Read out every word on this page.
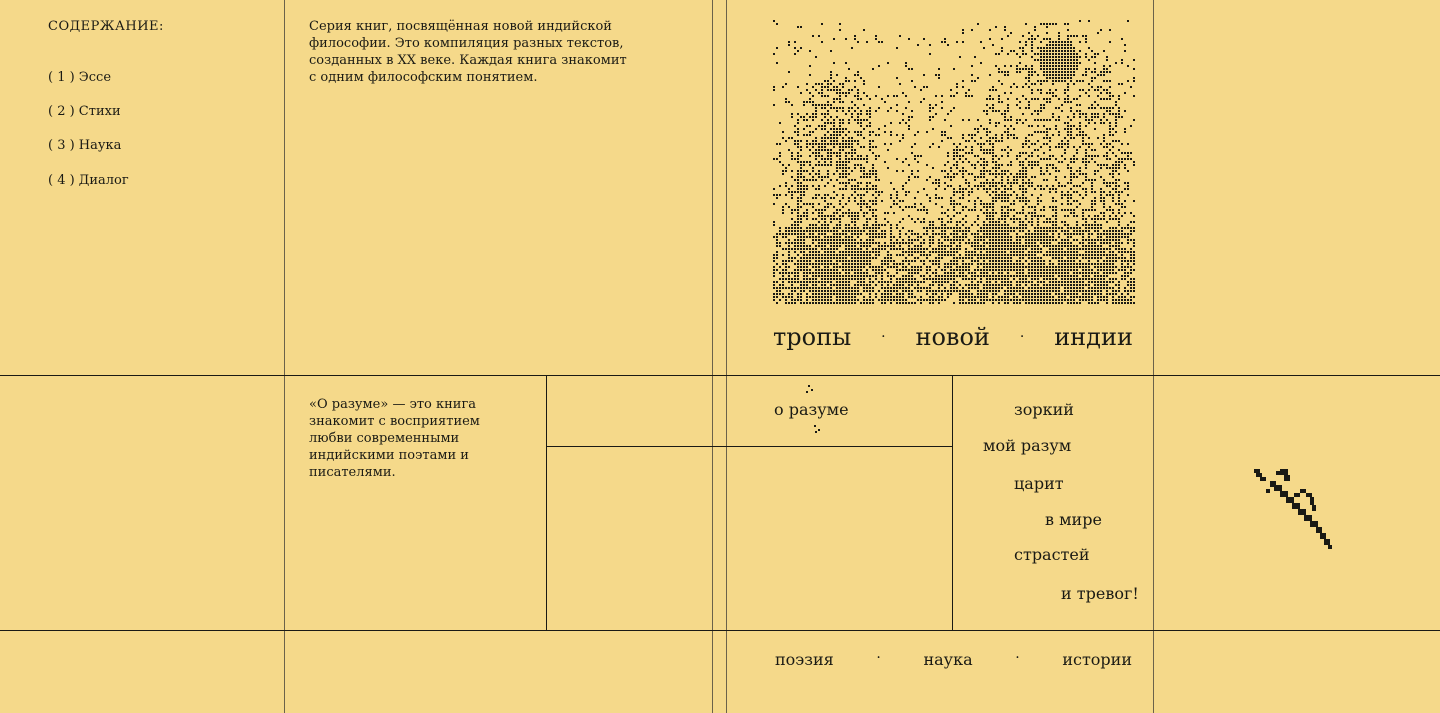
СОДЕРЖАНИЕ:
( 1 ) Эссе
( 2 ) Стихи
( 3 ) Наука
( 4 ) Диалог
Серия книг, посвящённая новой индийской философии. Это компиляция разных текстов, созданных в XX веке. Каждая книга знакомит с одним философским понятием.
«О разуме» — это книга знакомит с восприятием любви современными индийскими поэтами и писателями.
тропы · новой · индии
о разуме	зоркий
мой разум
царит
в мире
страстей
и тревог!
поэзия	·	наука	·	истории
